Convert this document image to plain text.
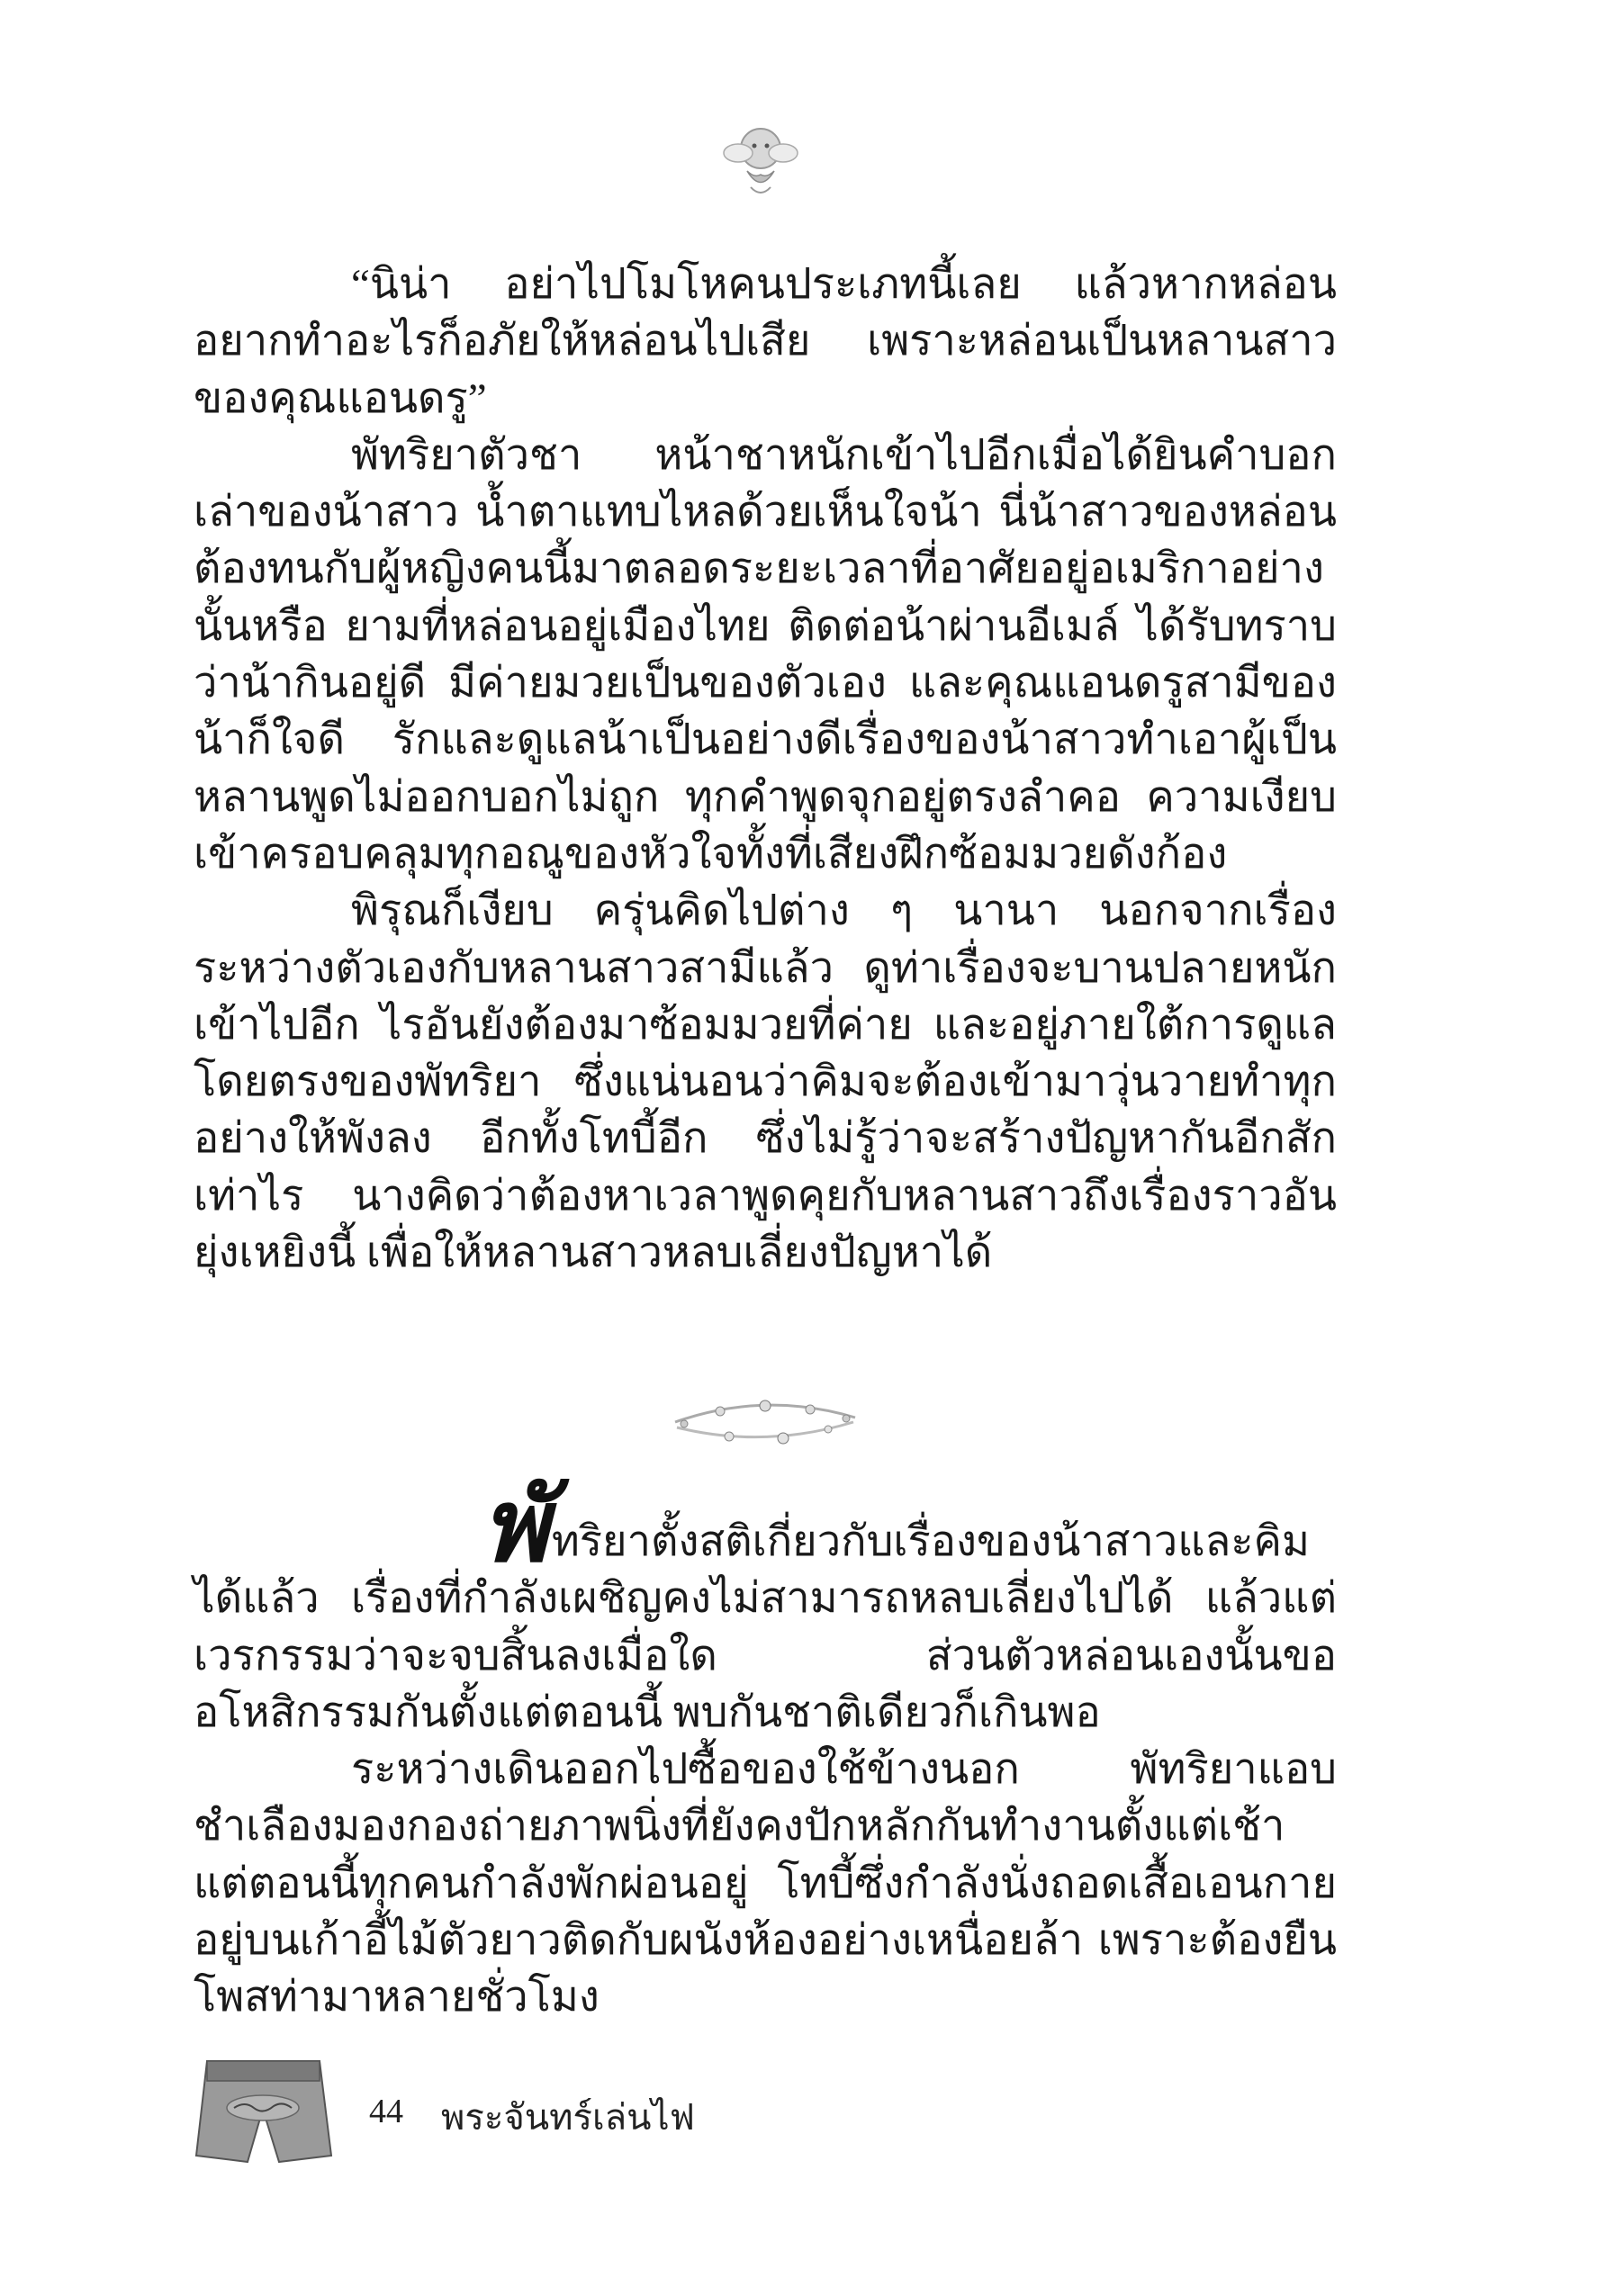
“นิน่า อย่าไปโมโหคนประเภทนี้เลย แล้วหากหล่อนอยากทำอะไรก็อภัยให้หล่อนไปเสีย เพราะหล่อนเป็นหลานสาวของคุณแอนดรู”

พัทริยาตัวชา หน้าชาหนักเข้าไปอีกเมื่อได้ยินคำบอกเล่าของน้าสาว น้ำตาแทบไหลด้วยเห็นใจน้า นี่น้าสาวของหล่อนต้องทนกับผู้หญิงคนนี้มาตลอดระยะเวลาที่อาศัยอยู่อเมริกาอย่างนั้นหรือ ยามที่หล่อนอยู่เมืองไทย ติดต่อน้าผ่านอีเมล์ ได้รับทราบว่าน้ากินอยู่ดี มีค่ายมวยเป็นของตัวเอง และคุณแอนดรูสามีของน้าก็ใจดี รักและดูแลน้าเป็นอย่างดีเรื่องของน้าสาวทำเอาผู้เป็นหลานพูดไม่ออกบอกไม่ถูก ทุกคำพูดจุกอยู่ตรงลำคอ ความเงียบเข้าครอบคลุมทุกอณูของหัวใจทั้งที่เสียงฝึกซ้อมมวยดังก้อง

พิรุณก็เงียบ ครุ่นคิดไปต่าง ๆ นานา นอกจากเรื่องระหว่างตัวเองกับหลานสาวสามีแล้ว ดูท่าเรื่องจะบานปลายหนักเข้าไปอีก ไรอันยังต้องมาซ้อมมวยที่ค่าย และอยู่ภายใต้การดูแลโดยตรงของพัทริยา ซึ่งแน่นอนว่าคิมจะต้องเข้ามาวุ่นวายทำทุกอย่างให้พังลง อีกทั้งโทบี้อีก ซึ่งไม่รู้ว่าจะสร้างปัญหากันอีกสักเท่าไร นางคิดว่าต้องหาเวลาพูดคุยกับหลานสาวถึงเรื่องราวอันยุ่งเหยิงนี้ เพื่อให้หลานสาวหลบเลี่ยงปัญหาได้

พัทริยาตั้งสติเกี่ยวกับเรื่องของน้าสาวและคิมได้แล้ว เรื่องที่กำลังเผชิญคงไม่สามารถหลบเลี่ยงไปได้ แล้วแต่เวรกรรมว่าจะจบสิ้นลงเมื่อใด ส่วนตัวหล่อนเองนั้นขออโหสิกรรมกันตั้งแต่ตอนนี้ พบกันชาติเดียวก็เกินพอ

ระหว่างเดินออกไปซื้อของใช้ข้างนอก พัทริยาแอบชำเลืองมองกองถ่ายภาพนิ่งที่ยังคงปักหลักกันทำงานตั้งแต่เช้า แต่ตอนนี้ทุกคนกำลังพักผ่อนอยู่ โทบี้ซึ่งกำลังนั่งถอดเสื้อเอนกายอยู่บนเก้าอี้ไม้ตัวยาวติดกับผนังห้องอย่างเหนื่อยล้า เพราะต้องยืนโพสท่ามาหลายชั่วโมง

44 พระจันทร์เล่นไฟ
